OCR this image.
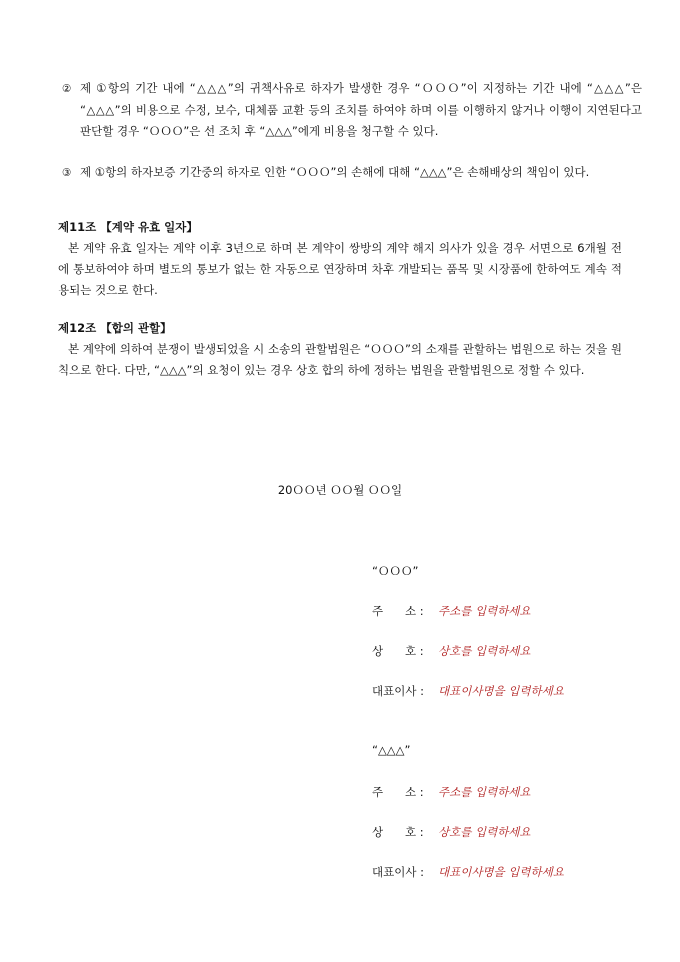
② 제 ①항의 기간 내에 “△△△”의 귀책사유로 하자가 발생한 경우 “ＯＯＯ”이 지정하는 기간 내에 “△△△”은 “△△△”의 비용으로 수정, 보수, 대체품 교환 등의 조치를 하여야 하며 이를 이행하지 않거나 이행이 지연된다고 판단할 경우 “ＯＯＯ”은 선 조치 후 “△△△”에게 비용을 청구할 수 있다.
③ 제 ①항의 하자보증 기간중의 하자로 인한 “ＯＯＯ”의 손해에 대해 “△△△”은 손해배상의 책임이 있다.
제11조 【계약 유효 일자】
본 계약 유효 일자는 계약 이후 3년으로 하며 본 계약이 쌍방의 계약 해지 의사가 있을 경우 서면으로 6개월 전에 통보하여야 하며 별도의 통보가 없는 한 자동으로 연장하며 차후 개발되는 품목 및 시장품에 한하여도 계속 적용되는 것으로 한다.
제12조 【합의 관할】
본 계약에 의하여 분쟁이 발생되었을 시 소송의 관할법원은 “ＯＯＯ”의 소재를 관할하는 법원으로 하는 것을 원칙으로 한다. 다만, “△△△”의 요청이 있는 경우 상호 합의 하에 정하는 법원을 관할법원으로 정할 수 있다.
20ＯＯ년 ＯＯ월 ＯＯ일
“ＯＯＯ”
주 소 : 주소를 입력하세요
상 호 : 상호를 입력하세요
대표이사 : 대표이사명을 입력하세요
“△△△”
주 소 : 주소를 입력하세요
상 호 : 상호를 입력하세요
대표이사 : 대표이사명을 입력하세요
